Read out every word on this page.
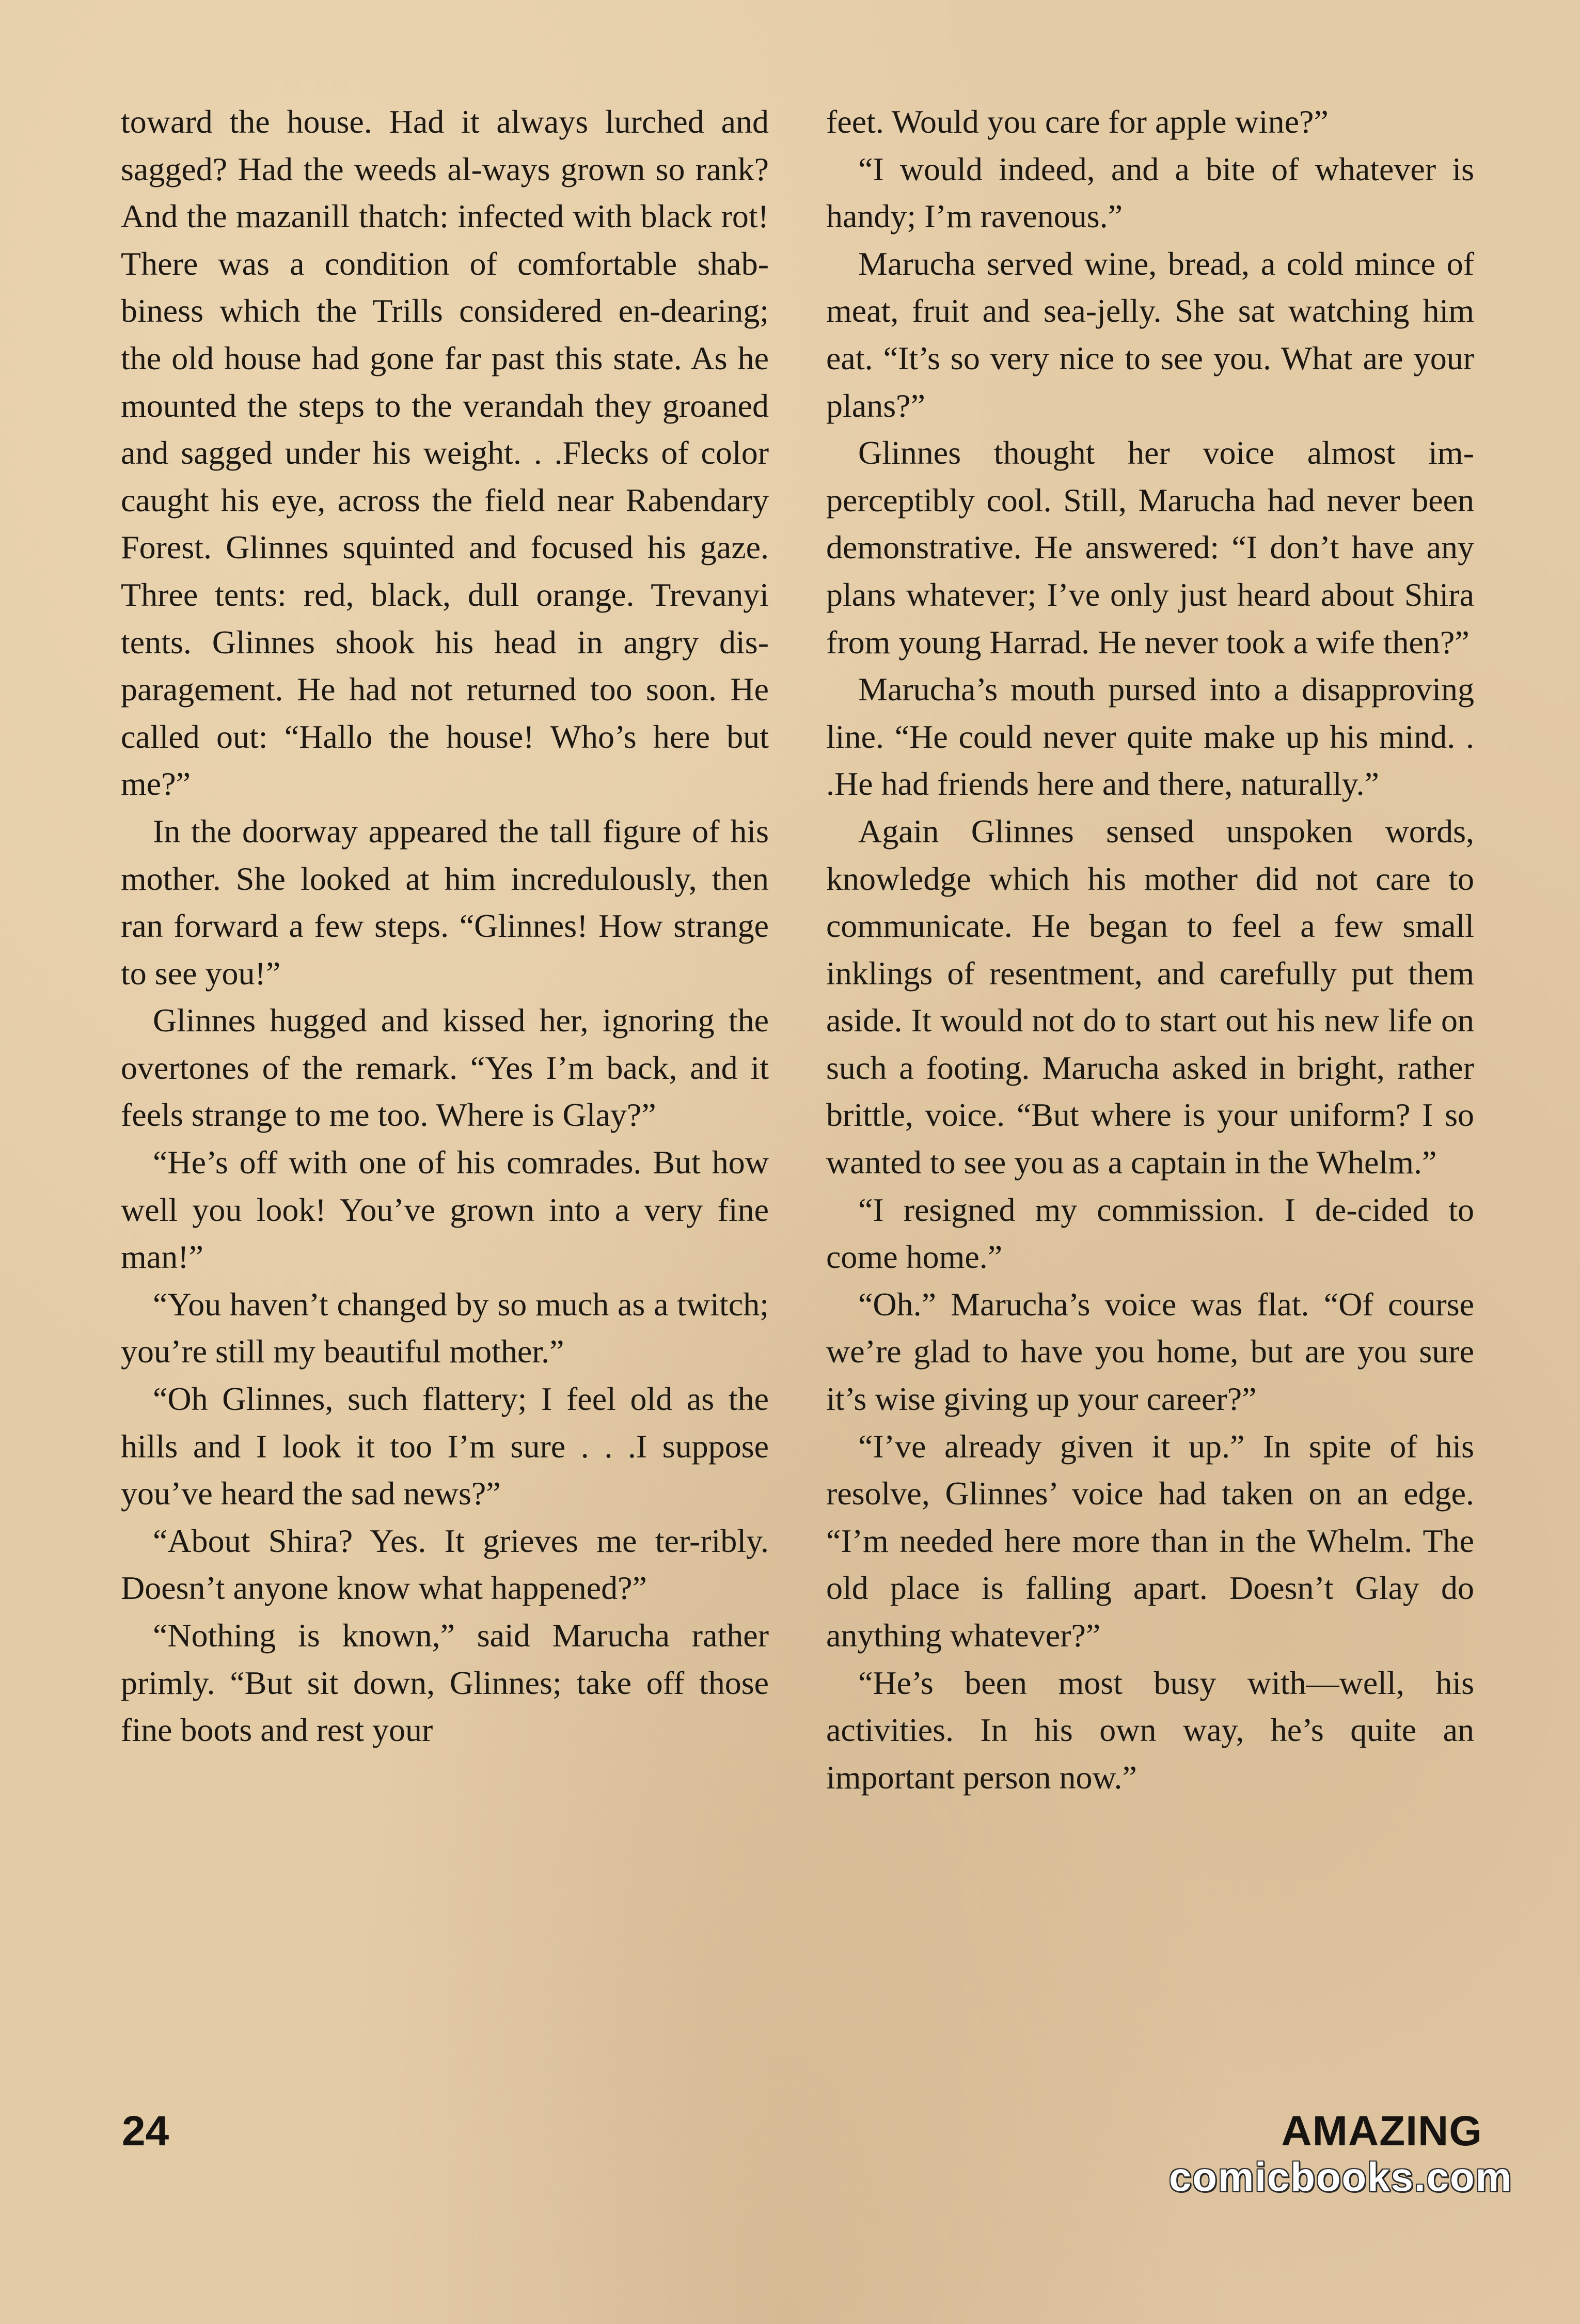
toward the house. Had it always lurched and sagged? Had the weeds al-ways grown so rank? And the mazanill thatch: infected with black rot! There was a condition of comfortable shab-biness which the Trills considered en-dearing; the old house had gone far past this state. As he mounted the steps to the verandah they groaned and sagged under his weight. . .Flecks of color caught his eye, across the field near Rabendary Forest. Glinnes squinted and focused his gaze. Three tents: red, black, dull orange. Trevanyi tents. Glinnes shook his head in angry dis-paragement. He had not returned too soon. He called out: “Hallo the house! Who’s here but me?”

In the doorway appeared the tall figure of his mother. She looked at him incredulously, then ran forward a few steps. “Glinnes! How strange to see you!”

Glinnes hugged and kissed her, ignoring the overtones of the remark. “Yes I’m back, and it feels strange to me too. Where is Glay?”

“He’s off with one of his comrades. But how well you look! You’ve grown into a very fine man!”

“You haven’t changed by so much as a twitch; you’re still my beautiful mother.”

“Oh Glinnes, such flattery; I feel old as the hills and I look it too I’m sure . . .I suppose you’ve heard the sad news?”

“About Shira? Yes. It grieves me ter-ribly. Doesn’t anyone know what happened?”

“Nothing is known,” said Marucha rather primly. “But sit down, Glinnes; take off those fine boots and rest your

feet. Would you care for apple wine?”

“I would indeed, and a bite of whatever is handy; I’m ravenous.”

Marucha served wine, bread, a cold mince of meat, fruit and sea-jelly. She sat watching him eat. “It’s so very nice to see you. What are your plans?”

Glinnes thought her voice almost im-perceptibly cool. Still, Marucha had never been demonstrative. He answered: “I don’t have any plans whatever; I’ve only just heard about Shira from young Harrad. He never took a wife then?”

Marucha’s mouth pursed into a disapproving line. “He could never quite make up his mind. . .He had friends here and there, naturally.”

Again Glinnes sensed unspoken words, knowledge which his mother did not care to communicate. He began to feel a few small inklings of resentment, and carefully put them aside. It would not do to start out his new life on such a footing. Marucha asked in bright, rather brittle, voice. “But where is your uniform? I so wanted to see you as a captain in the Whelm.”

“I resigned my commission. I de-cided to come home.”

“Oh.” Marucha’s voice was flat. “Of course we’re glad to have you home, but are you sure it’s wise giving up your career?”

“I’ve already given it up.” In spite of his resolve, Glinnes’ voice had taken on an edge. “I’m needed here more than in the Whelm. The old place is falling apart. Doesn’t Glay do anything whatever?”

“He’s been most busy with—well, his activities. In his own way, he’s quite an important person now.”

24	AMAZING
comicbooks.com
